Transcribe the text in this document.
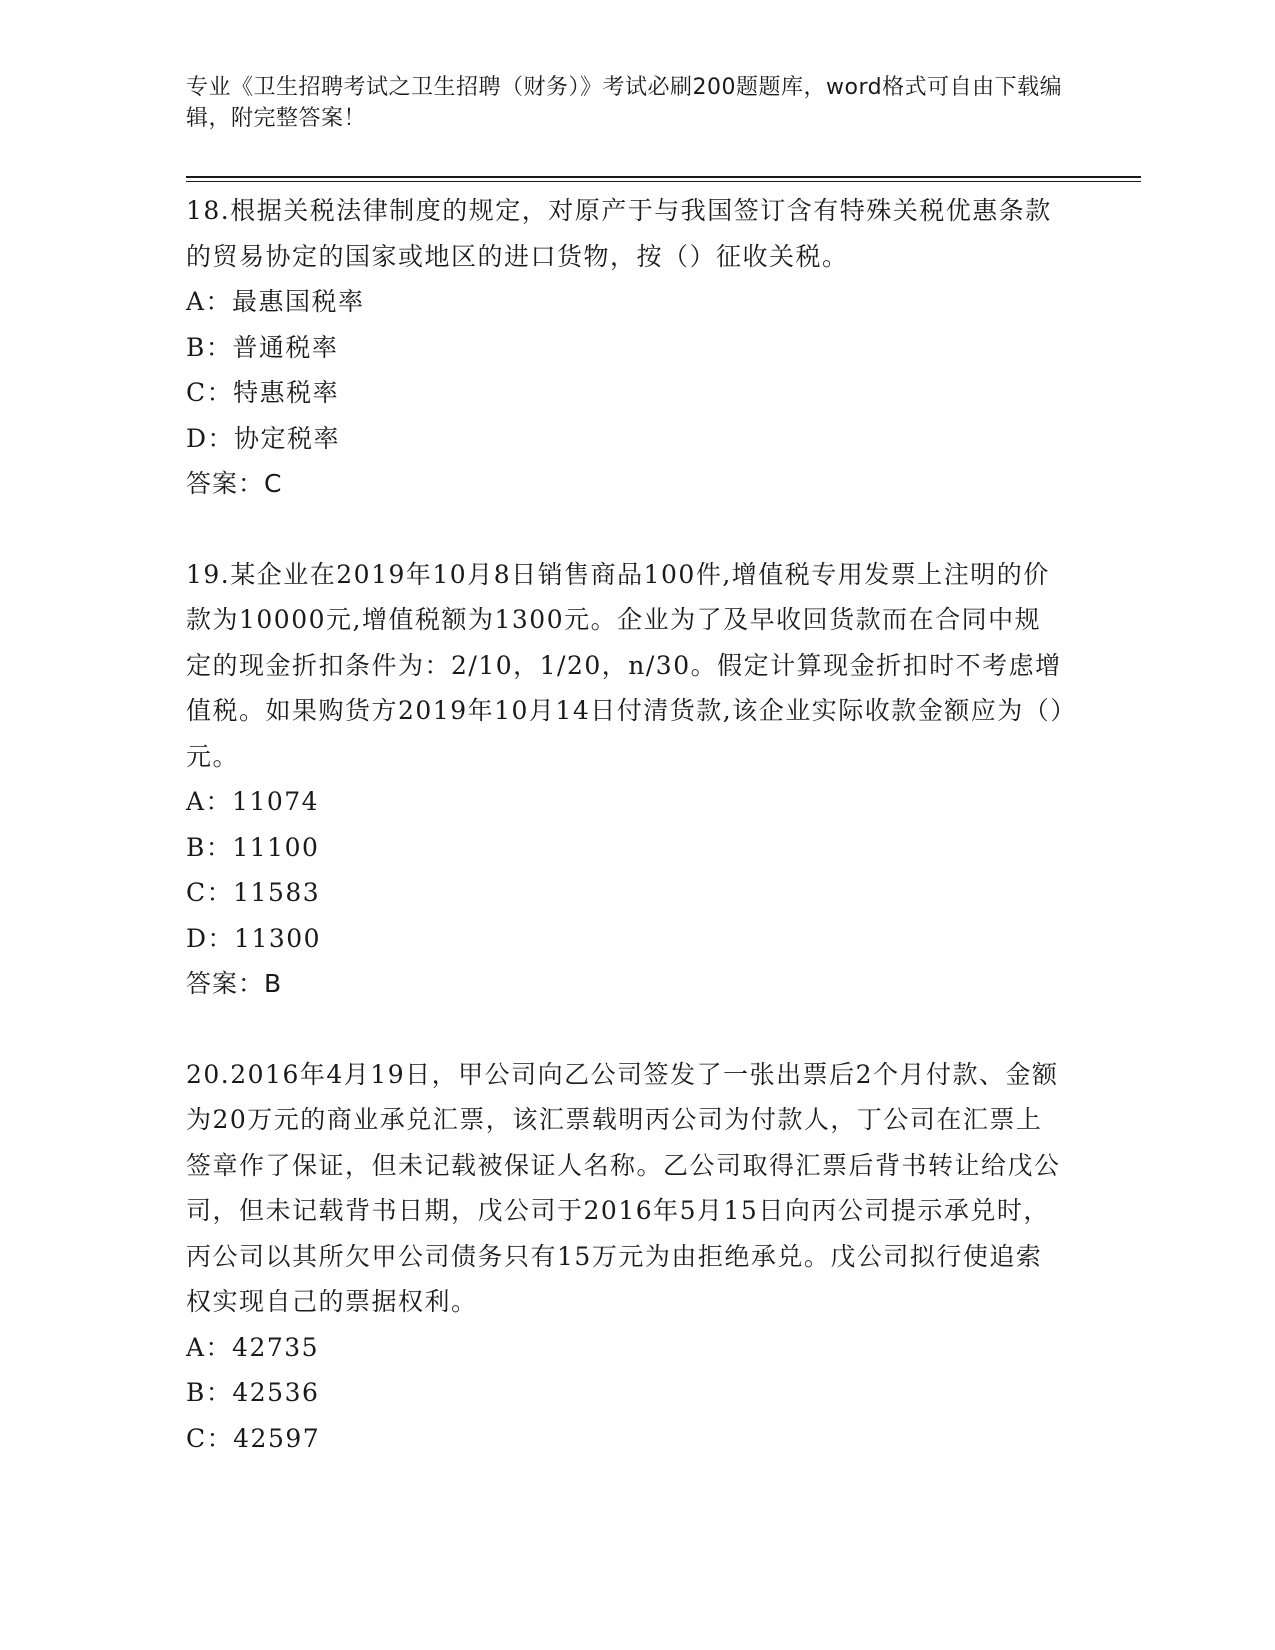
专业《卫生招聘考试之卫生招聘（财务）》考试必刷200题题库，word格式可自由下载编辑，附完整答案！

18.根据关税法律制度的规定，对原产于与我国签订含有特殊关税优惠条款的贸易协定的国家或地区的进口货物，按（）征收关税。

A：最惠国税率

B：普通税率

C：特惠税率

D：协定税率

答案：C

19.某企业在2019年10月8日销售商品100件,增值税专用发票上注明的价款为10000元,增值税额为1300元。企业为了及早收回货款而在合同中规定的现金折扣条件为：2/10，1/20，n/30。假定计算现金折扣时不考虑增值税。如果购货方2019年10月14日付清货款,该企业实际收款金额应为（）元。

A：11074

B：11100

C：11583

D：11300

答案：B

20.2016年4月19日，甲公司向乙公司签发了一张出票后2个月付款、金额为20万元的商业承兑汇票，该汇票载明丙公司为付款人，丁公司在汇票上签章作了保证，但未记载被保证人名称。乙公司取得汇票后背书转让给戊公司，但未记载背书日期，戊公司于2016年5月15日向丙公司提示承兑时，丙公司以其所欠甲公司债务只有15万元为由拒绝承兑。戊公司拟行使追索权实现自己的票据权利。

A：42735

B：42536

C：42597
